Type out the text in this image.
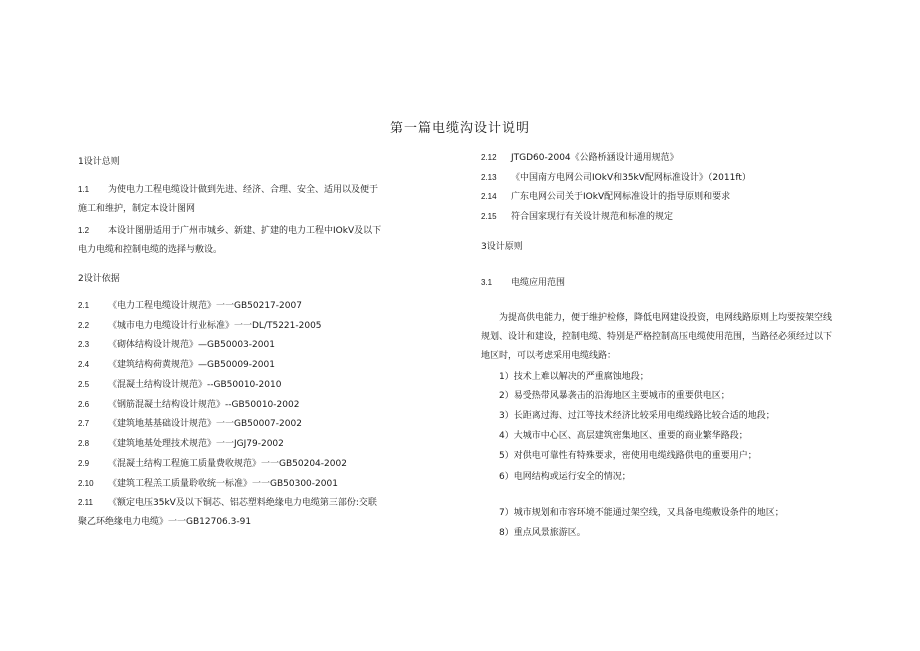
第一篇电缆沟设计说明
1设计总则
1.1 为使电力工程电缆设计做到先进、经济、合理、安全、适用以及便于
施工和维护，制定本设计图网
1.2 本设计图册适用于广州市城乡、新建、扩建的电力工程中IOkV及以下
电力电缆和控制电缆的选择与敷设。
2设计依据
2.1 《电力工程电缆设计规范》一一GB50217-2007
2.2 《城市电力电缆设计行业标准》一一DL/T5221-2005
2.3 《砌体结构设计规范》—GB50003-2001
2.4 《建筑结构荷黄规范》—GB50009-2001
2.5 《混凝土结构设计规范》--GB50010-2010
2.6 《钢筋混凝土结构设计规范》--GB50010-2002
2.7 《建筑地基基础设计规范》一一GB50007-2002
2.8 《建筑地基处理技术规范》一一JGJ79-2002
2.9 《混凝土结构工程施工质量费收规范》一一GB50204-2002
2.10 《建筑工程羔工质量聆收统一标准》一一GB50300-2001
2.11 《额定电压35kV及以下铜芯、铝芯塑料绝缘电力电缆第三部份:交联
聚乙环绝缘电力电缆》一一GB12706.3-91
2.12 JTGD60-2004《公路桥涵设计通用规范》
2.13 《中国南方电网公司IOkV和35kV配网标准设计》（2011ft）
2.14 广东电网公司关于IOkV配网标准设计的指导原则和要求
2.15 符合国家现行有关设计规范和标准的规定
3设计原则
3.1 电缆应用范围
为提高供电能力，便于维护检修，降低电网建设投资，电网线路原则上均要按架空线规划、设计和建设，控制电缆、特别是严格控制高压电缆使用范围，当路径必须经过以下地区时，可以考虑采用电缆线路：
1）技术上难以解决的严重腐蚀地段；
2）易受热带风暴袭击的沿海地区主要城市的重要供电区；
3）长距离过海、过江等技术经济比较采用电缆线路比较合适的地段；
4）大城市中心区、高层建筑密集地区、重要的商业繁华路段；
5）对供电可靠性有特殊要求，密使用电缆线路供电的重要用户；
6）电网结构或运行安全的情况；
7）城市规划和市容环境不能通过架空线，又具备电缆敷设条件的地区；
8）重点风景旅游区。
